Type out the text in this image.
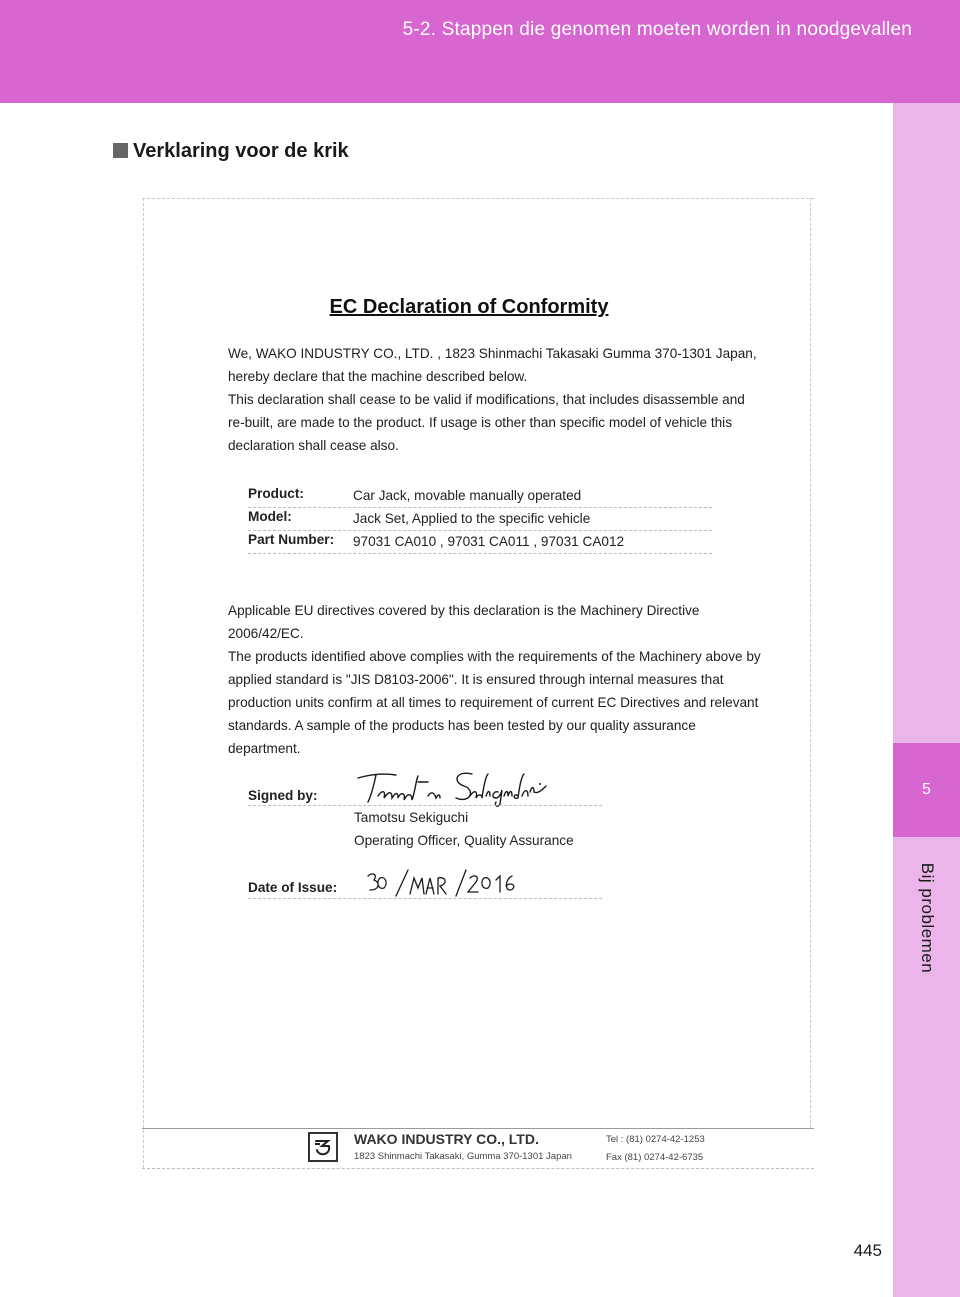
5-2. Stappen die genomen moeten worden in noodgevallen
5
Bij problemen
Verklaring voor de krik
EC Declaration of Conformity
We, WAKO INDUSTRY CO., LTD. , 1823 Shinmachi Takasaki Gumma 370-1301 Japan,
hereby declare that the machine described below.
This declaration shall cease to be valid if modifications, that includes disassemble and
re-built, are made to the product. If usage is other than specific model of vehicle this
declaration shall cease also.
Product:	Car Jack, movable manually operated
Model:	Jack Set, Applied to the specific vehicle
Part Number: 97031 CA010 , 97031 CA011 , 97031 CA012
Applicable EU directives covered by this declaration is the Machinery Directive 2006/42/EC.
The products identified above complies with the requirements of the Machinery above by
applied standard is "JIS D8103-2006". It is ensured through internal measures that
production units confirm at all times to requirement of current EC Directives and relevant
standards. A sample of the products has been tested by our quality assurance department.
Signed by:
Tamotsu Sekiguchi
Operating Officer, Quality Assurance
Date of Issue:
WAKO INDUSTRY CO., LTD.
1823 Shinmachi Takasaki, Gumma 370-1301 Japan
Tel : (81) 0274-42-1253
Fax (81) 0274-42-6735
445
